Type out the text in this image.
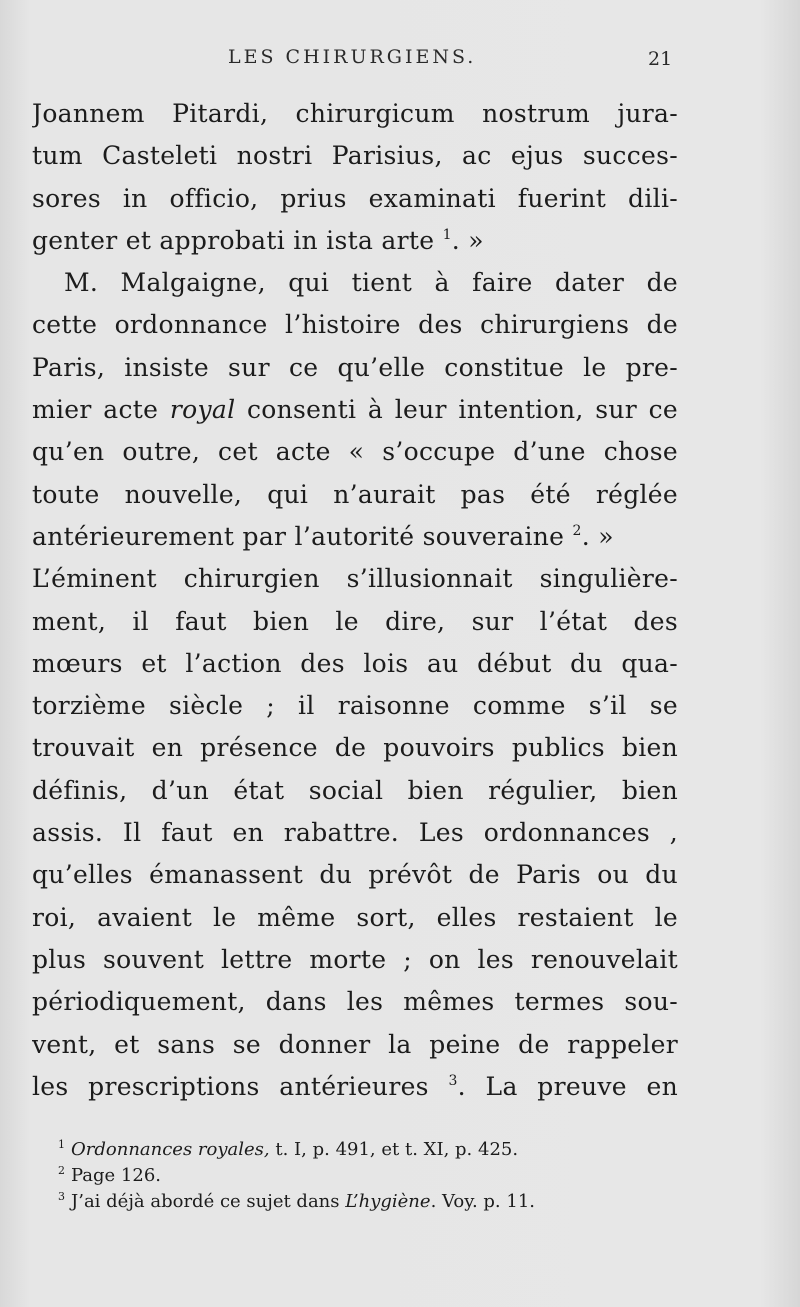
LES CHIRURGIENS.	21
Joannem Pitardi, chirurgicum nostrum jura-
tum Casteleti nostri Parisius, ac ejus succes-
sores in officio, prius examinati fuerint dili-
genter et approbati in ista arte $^1$. »
M. Malgaigne, qui tient à faire dater de
cette ordonnance l’histoire des chirurgiens de
Paris, insiste sur ce qu’elle constitue le pre-
mier acte royal consenti à leur intention, sur ce
qu’en outre, cet acte « s’occupe d’une chose
toute nouvelle, qui n’aurait pas été réglée
antérieurement par l’autorité souveraine $^2$. »
L’éminent chirurgien s’illusionnait singulière-
ment, il faut bien le dire, sur l’état des
mœurs et l’action des lois au début du qua-
torzième siècle ; il raisonne comme s’il se
trouvait en présence de pouvoirs publics bien
définis, d’un état social bien régulier, bien
assis. Il faut en rabattre. Les ordonnances ,
qu’elles émanassent du prévôt de Paris ou du
roi, avaient le même sort, elles restaient le
plus souvent lettre morte ; on les renouvelait
périodiquement, dans les mêmes termes sou-
vent, et sans se donner la peine de rappeler
les prescriptions antérieures $^3$. La preuve en
$^1$ Ordonnances royales, t. I, p. 491, et t. XI, p. 425.
$^2$ Page 126.
$^3$ J’ai déjà abordé ce sujet dans L’hygiène. Voy. p. 11.
